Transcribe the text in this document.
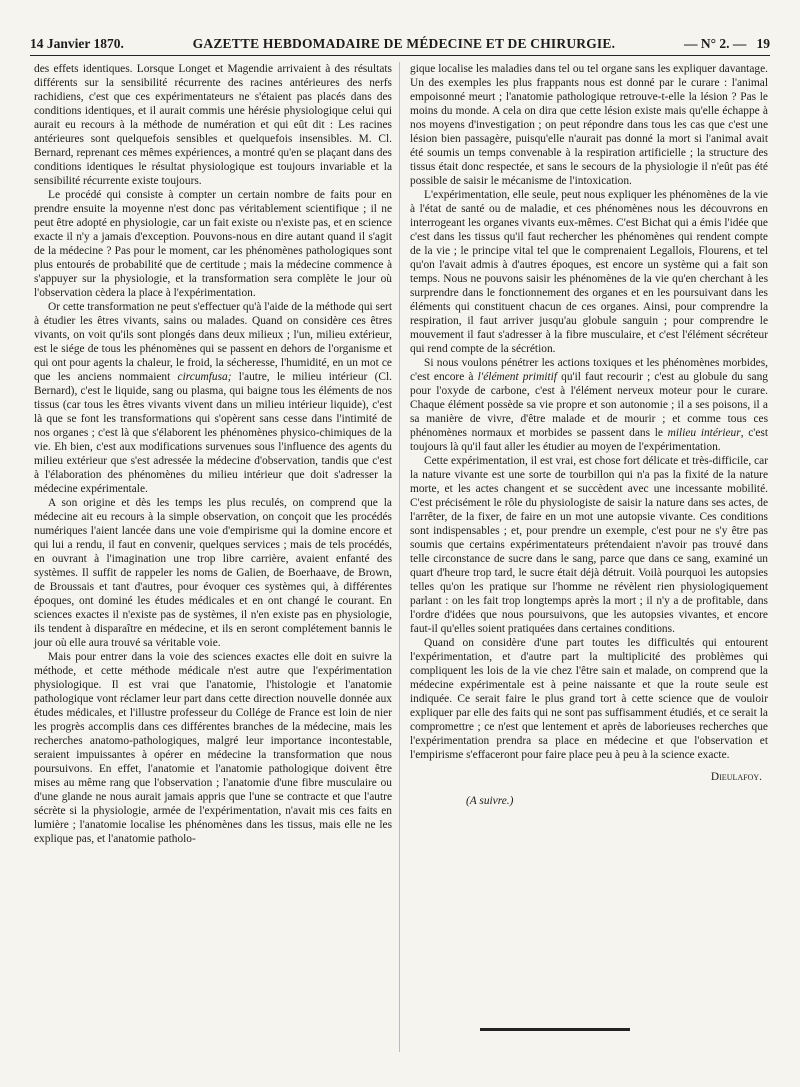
14 Janvier 1870.	GAZETTE HEBDOMADAIRE DE MÉDECINE ET DE CHIRURGIE.	— N° 2. — 19

des effets identiques. Lorsque Longet et Magendie arrivaient à des résultats différents sur la sensibilité récurrente des racines antérieures des nerfs rachidiens, c'est que ces expérimentateurs ne s'étaient pas placés dans des conditions identiques, et il aurait commis une hérésie physiologique celui qui aurait eu recours à la méthode de numération et qui eût dit : Les racines antérieures sont quelquefois sensibles et quelquefois insensibles. M. Cl. Bernard, reprenant ces mêmes expériences, a montré qu'en se plaçant dans des conditions identiques le résultat physiologique est toujours invariable et la sensibilité récurrente existe toujours.

Le procédé qui consiste à compter un certain nombre de faits pour en prendre ensuite la moyenne n'est donc pas véritablement scientifique ; il ne peut être adopté en physiologie, car un fait existe ou n'existe pas, et en science exacte il n'y a jamais d'exception. Pouvons-nous en dire autant quand il s'agit de la médecine ? Pas pour le moment, car les phénomènes pathologiques sont plus entourés de probabilité que de certitude ; mais la médecine commence à s'appuyer sur la physiologie, et la transformation sera complète le jour où l'observation cèdera la place à l'expérimentation.

Or cette transformation ne peut s'effectuer qu'à l'aide de la méthode qui sert à étudier les êtres vivants, sains ou malades. Quand on considère ces êtres vivants, on voit qu'ils sont plongés dans deux milieux ; l'un, milieu extérieur, est le siége de tous les phénomènes qui se passent en dehors de l'organisme et qui ont pour agents la chaleur, le froid, la sécheresse, l'humidité, en un mot ce que les anciens nommaient circumfusa; l'autre, le milieu intérieur (Cl. Bernard), c'est le liquide, sang ou plasma, qui baigne tous les éléments de nos tissus (car tous les êtres vivants vivent dans un milieu intérieur liquide), c'est là que se font les transformations qui s'opèrent sans cesse dans l'intimité de nos organes ; c'est là que s'élaborent les phénomènes physico-chimiques de la vie. Eh bien, c'est aux modifications survenues sous l'influence des agents du milieu extérieur que s'est adressée la médecine d'observation, tandis que c'est à l'élaboration des phénomènes du milieu intérieur que doit s'adresser la médecine expérimentale.

A son origine et dès les temps les plus reculés, on comprend que la médecine ait eu recours à la simple observation, on conçoit que les procédés numériques l'aient lancée dans une voie d'empirisme qui la domine encore et qui lui a rendu, il faut en convenir, quelques services ; mais de tels procédés, en ouvrant à l'imagination une trop libre carrière, avaient enfanté des systèmes. Il suffit de rappeler les noms de Galien, de Boerhaave, de Brown, de Broussais et tant d'autres, pour évoquer ces systèmes qui, à différentes époques, ont dominé les études médicales et en ont changé le courant. En sciences exactes il n'existe pas de systèmes, il n'en existe pas en physiologie, ils tendent à disparaître en médecine, et ils en seront complétement bannis le jour où elle aura trouvé sa véritable voie.

Mais pour entrer dans la voie des sciences exactes elle doit en suivre la méthode, et cette méthode médicale n'est autre que l'expérimentation physiologique. Il est vrai que l'anatomie, l'histologie et l'anatomie pathologique vont réclamer leur part dans cette direction nouvelle donnée aux études médicales, et l'illustre professeur du Collége de France est loin de nier les progrès accomplis dans ces différentes branches de la médecine, mais les recherches anatomo-pathologiques, malgré leur importance incontestable, seraient impuissantes à opérer en médecine la transformation que nous poursuivons. En effet, l'anatomie et l'anatomie pathologique doivent être mises au même rang que l'observation ; l'anatomie d'une fibre musculaire ou d'une glande ne nous aurait jamais appris que l'une se contracte et que l'autre sécrète si la physiologie, armée de l'expérimentation, n'avait mis ces faits en lumière ; l'anatomie localise les phénomènes dans les tissus, mais elle ne les explique pas, et l'anatomie patholo-

gique localise les maladies dans tel ou tel organe sans les expliquer davantage. Un des exemples les plus frappants nous est donné par le curare : l'animal empoisonné meurt ; l'anatomie pathologique retrouve-t-elle la lésion ? Pas le moins du monde. A cela on dira que cette lésion existe mais qu'elle échappe à nos moyens d'investigation ; on peut répondre dans tous les cas que c'est une lésion bien passagère, puisqu'elle n'aurait pas donné la mort si l'animal avait été soumis un temps convenable à la respiration artificielle ; la structure des tissus était donc respectée, et sans le secours de la physiologie il n'eût pas été possible de saisir le mécanisme de l'intoxication.

L'expérimentation, elle seule, peut nous expliquer les phénomènes de la vie à l'état de santé ou de maladie, et ces phénomènes nous les découvrons en interrogeant les organes vivants eux-mêmes. C'est Bichat qui a émis l'idée que c'est dans les tissus qu'il faut rechercher les phénomènes qui rendent compte de la vie ; le principe vital tel que le comprenaient Legallois, Flourens, et tel qu'on l'avait admis à d'autres époques, est encore un système qui a fait son temps. Nous ne pouvons saisir les phénomènes de la vie qu'en cherchant à les surprendre dans le fonctionnement des organes et en les poursuivant dans les éléments qui constituent chacun de ces organes. Ainsi, pour comprendre la respiration, il faut arriver jusqu'au globule sanguin ; pour comprendre le mouvement il faut s'adresser à la fibre musculaire, et c'est l'élément sécréteur qui rend compte de la sécrétion.

Si nous voulons pénétrer les actions toxiques et les phénomènes morbides, c'est encore à l'élément primitif qu'il faut recourir ; c'est au globule du sang pour l'oxyde de carbone, c'est à l'élément nerveux moteur pour le curare. Chaque élément possède sa vie propre et son autonomie ; il a ses poisons, il a sa manière de vivre, d'être malade et de mourir ; et comme tous ces phénomènes normaux et morbides se passent dans le milieu intérieur, c'est toujours là qu'il faut aller les étudier au moyen de l'expérimentation.

Cette expérimentation, il est vrai, est chose fort délicate et très-difficile, car la nature vivante est une sorte de tourbillon qui n'a pas la fixité de la nature morte, et les actes changent et se succèdent avec une incessante mobilité. C'est précisément le rôle du physiologiste de saisir la nature dans ses actes, de l'arrêter, de la fixer, de faire en un mot une autopsie vivante. Ces conditions sont indispensables ; et, pour prendre un exemple, c'est pour ne s'y être pas soumis que certains expérimentateurs prétendaient n'avoir pas trouvé dans telle circonstance de sucre dans le sang, parce que dans ce sang, examiné un quart d'heure trop tard, le sucre était déjà détruit. Voilà pourquoi les autopsies telles qu'on les pratique sur l'homme ne révèlent rien physiologiquement parlant : on les fait trop longtemps après la mort ; il n'y a de profitable, dans l'ordre d'idées que nous poursuivons, que les autopsies vivantes, et encore faut-il qu'elles soient pratiquées dans certaines conditions.

Quand on considère d'une part toutes les difficultés qui entourent l'expérimentation, et d'autre part la multiplicité des problèmes qui compliquent les lois de la vie chez l'être sain et malade, on comprend que la médecine expérimentale est à peine naissante et que la route seule est indiquée. Ce serait faire le plus grand tort à cette science que de vouloir expliquer par elle des faits qui ne sont pas suffisamment étudiés, et ce serait la compromettre ; ce n'est que lentement et après de laborieuses recherches que l'expérimentation prendra sa place en médecine et que l'observation et l'empirisme s'effaceront pour faire place peu à peu à la science exacte.

Dieulafoy.

(A suivre.)
